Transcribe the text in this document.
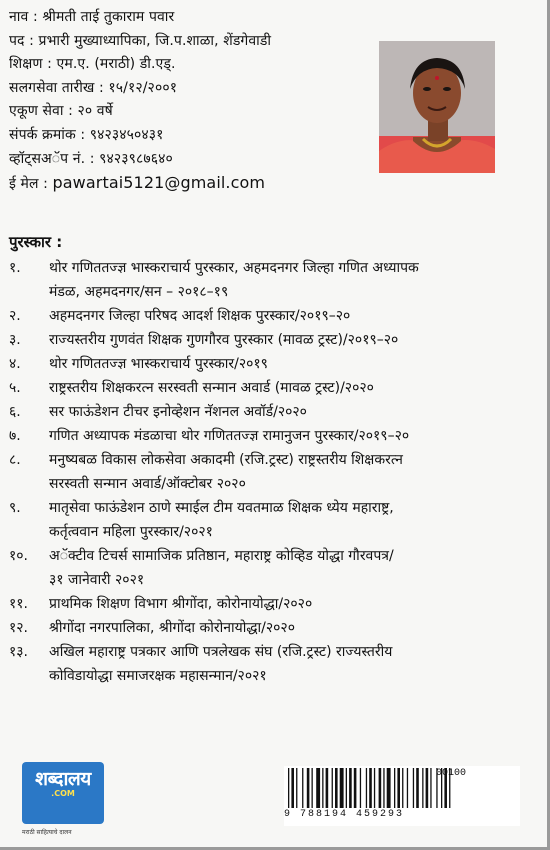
नाव : श्रीमती ताई तुकाराम पवार
पद : प्रभारी मुख्याध्यापिका, जि.प.शाळा, शेंडगेवाडी
शिक्षण : एम.ए. (मराठी) डी.एड्.
सलगसेवा तारीख : १५/१२/२००१
एकूण सेवा : २० वर्षे
संपर्क क्रमांक : ९४२३४५०४३१
व्हॉट्सअॅप नं. : ९४२३९८७६४०
ई मेल : pawartai5121@gmail.com
पुरस्कार :
१.	थोर गणिततज्ज्ञ भास्कराचार्य पुरस्कार, अहमदनगर जिल्हा गणित अध्यापक
मंडळ, अहमदनगर/सन – २०१८–१९
२.	अहमदनगर जिल्हा परिषद आदर्श शिक्षक पुरस्कार/२०१९–२०
३.	राज्यस्तरीय गुणवंत शिक्षक गुणगौरव पुरस्कार (मावळ ट्रस्ट)/२०१९–२०
४.	थोर गणिततज्ज्ञ भास्कराचार्य पुरस्कार/२०१९
५.	राष्ट्रस्तरीय शिक्षकरत्न सरस्वती सन्मान अवार्ड (मावळ ट्रस्ट)/२०२०
६.	सर फाऊंडेशन टीचर इनोव्हेशन नॅशनल अवॉर्ड/२०२०
७.	गणित अध्यापक मंडळाचा थोर गणिततज्ज्ञ रामानुजन पुरस्कार/२०१९–२०
८.	मनुष्यबळ विकास लोकसेवा अकादमी (रजि.ट्रस्ट) राष्ट्रस्तरीय शिक्षकरत्न
सरस्वती सन्मान अवार्ड/ऑक्टोबर २०२०
९.	मातृसेवा फाऊंडेशन ठाणे स्माईल टीम यवतमाळ शिक्षक ध्येय महाराष्ट्र,
कर्तृत्ववान महिला पुरस्कार/२०२१
१०.	अॅक्टीव टिचर्स सामाजिक प्रतिष्ठान, महाराष्ट्र कोव्हिड योद्धा गौरवपत्र/
३१ जानेवारी २०२१
११.	प्राथमिक शिक्षण विभाग श्रीगोंदा, कोरोनायोद्धा/२०२०
१२.	श्रीगोंदा नगरपालिका, श्रीगोंदा कोरोनायोद्धा/२०२०
१३.	अखिल महाराष्ट्र पत्रकार आणि पत्रलेखक संघ (रजि.ट्रस्ट) राज्यस्तरीय
कोविडायोद्धा समाजरक्षक महासन्मान/२०२१
शब्दालय
.COM
मराठी साहित्याचे दालन
00100
9 788194 459293
